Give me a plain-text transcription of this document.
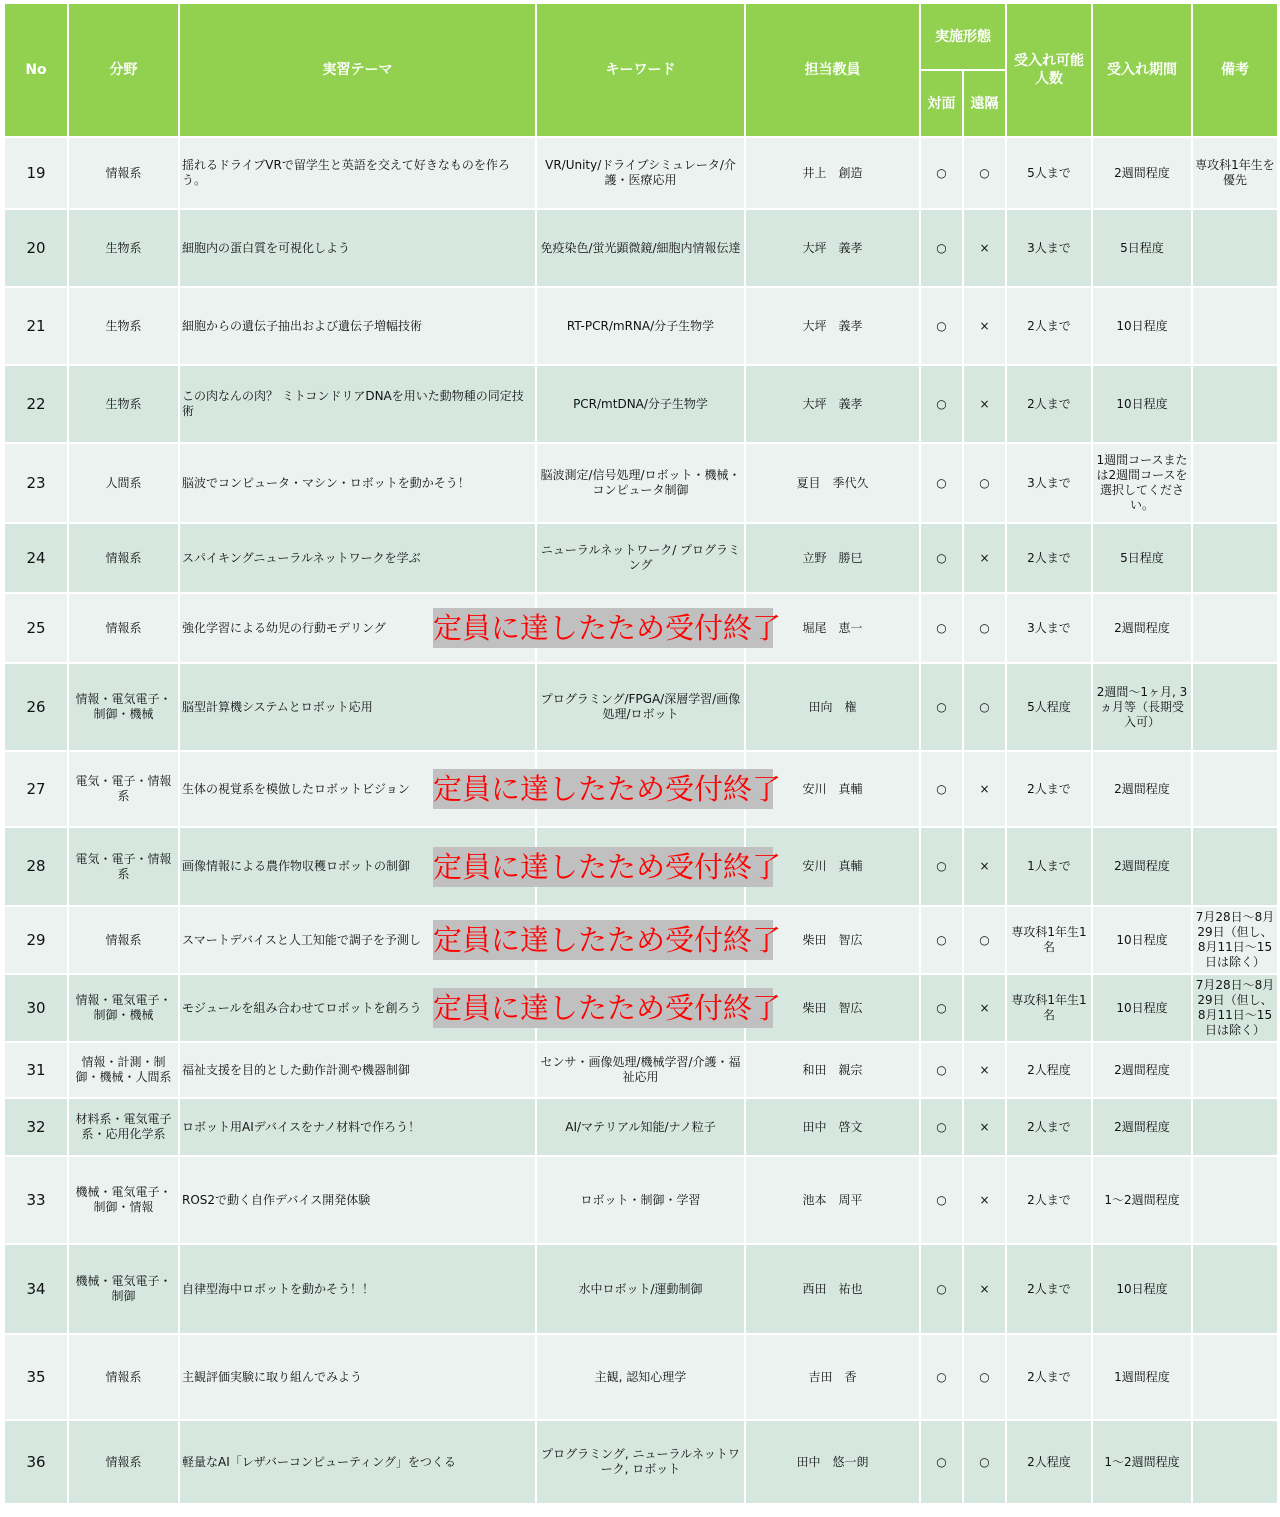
No	分野	実習テーマ	キーワード	担当教員	実施形態		受入れ可能人数	受入れ期間	備考
					対面	遠隔			
19	情報系	揺れるドライブVRで留学生と英語を交えて好きなものを作ろう。	VR/Unity/ドライブシミュレータ/介護・医療応用	井上　創造	○	○	5人まで	2週間程度	専攻科1年生を優先
20	生物系	細胞内の蛋白質を可視化しよう	免疫染色/蛍光顕微鏡/細胞内情報伝達	大坪　義孝	○	×	3人まで	5日程度	
21	生物系	細胞からの遺伝子抽出および遺伝子増幅技術	RT-PCR/mRNA/分子生物学	大坪　義孝	○	×	2人まで	10日程度	
22	生物系	この肉なんの肉？ ミトコンドリアDNAを用いた動物種の同定技術	PCR/mtDNA/分子生物学	大坪　義孝	○	×	2人まで	10日程度	
23	人間系	脳波でコンピュータ・マシン・ロボットを動かそう！	脳波測定/信号処理/ロボット・機械・コンピュータ制御	夏目　季代久	○	○	3人まで	1週間コースまたは2週間コースを選択してください。	
24	情報系	スパイキングニューラルネットワークを学ぶ	ニューラルネットワーク/ プログラミング	立野　勝巳	○	×	2人まで	5日程度	
25	情報系	強化学習による幼児の行動モデリング	定員に達したため受付終了	堀尾　恵一	○	○	3人まで	2週間程度	
26	情報・電気電子・制御・機械	脳型計算機システムとロボット応用	プログラミング/FPGA/深層学習/画像処理/ロボット	田向　権	○	○	5人程度	2週間～1ヶ月, 3ヵ月等（長期受入可）	
27	電気・電子・情報系	生体の視覚系を模倣したロボットビジョン	定員に達したため受付終了	安川　真輔	○	×	2人まで	2週間程度	
28	電気・電子・情報系	画像情報による農作物収穫ロボットの制御	定員に達したため受付終了	安川　真輔	○	×	1人まで	2週間程度	
29	情報系	スマートデバイスと人工知能で調子を予測し	定員に達したため受付終了	柴田　智広	○	○	専攻科1年生1名	10日程度	7月28日～8月29日（但し、8月11日～15日は除く）
30	情報・電気電子・制御・機械	モジュールを組み合わせてロボットを創ろう	定員に達したため受付終了	柴田　智広	○	×	専攻科1年生1名	10日程度	7月28日～8月29日（但し、8月11日～15日は除く）
31	情報・計測・制御・機械・人間系	福祉支援を目的とした動作計測や機器制御	センサ・画像処理/機械学習/介護・福祉応用	和田　親宗	○	×	2人程度	2週間程度	
32	材料系・電気電子系・応用化学系	ロボット用AIデバイスをナノ材料で作ろう！	AI/マテリアル知能/ナノ粒子	田中　啓文	○	×	2人まで	2週間程度	
33	機械・電気電子・制御・情報	ROS2で動く自作デバイス開発体験	ロボット・制御・学習	池本　周平	○	×	2人まで	1～2週間程度	
34	機械・電気電子・制御	自律型海中ロボットを動かそう！！	水中ロボット/運動制御	西田　祐也	○	×	2人まで	10日程度	
35	情報系	主観評価実験に取り組んでみよう	主観, 認知心理学	吉田　香	○	○	2人まで	1週間程度	
36	情報系	軽量なAI「レザバーコンピューティング」をつくる	プログラミング, ニューラルネットワーク, ロボット	田中　悠一朗	○	○	2人程度	1～2週間程度	
